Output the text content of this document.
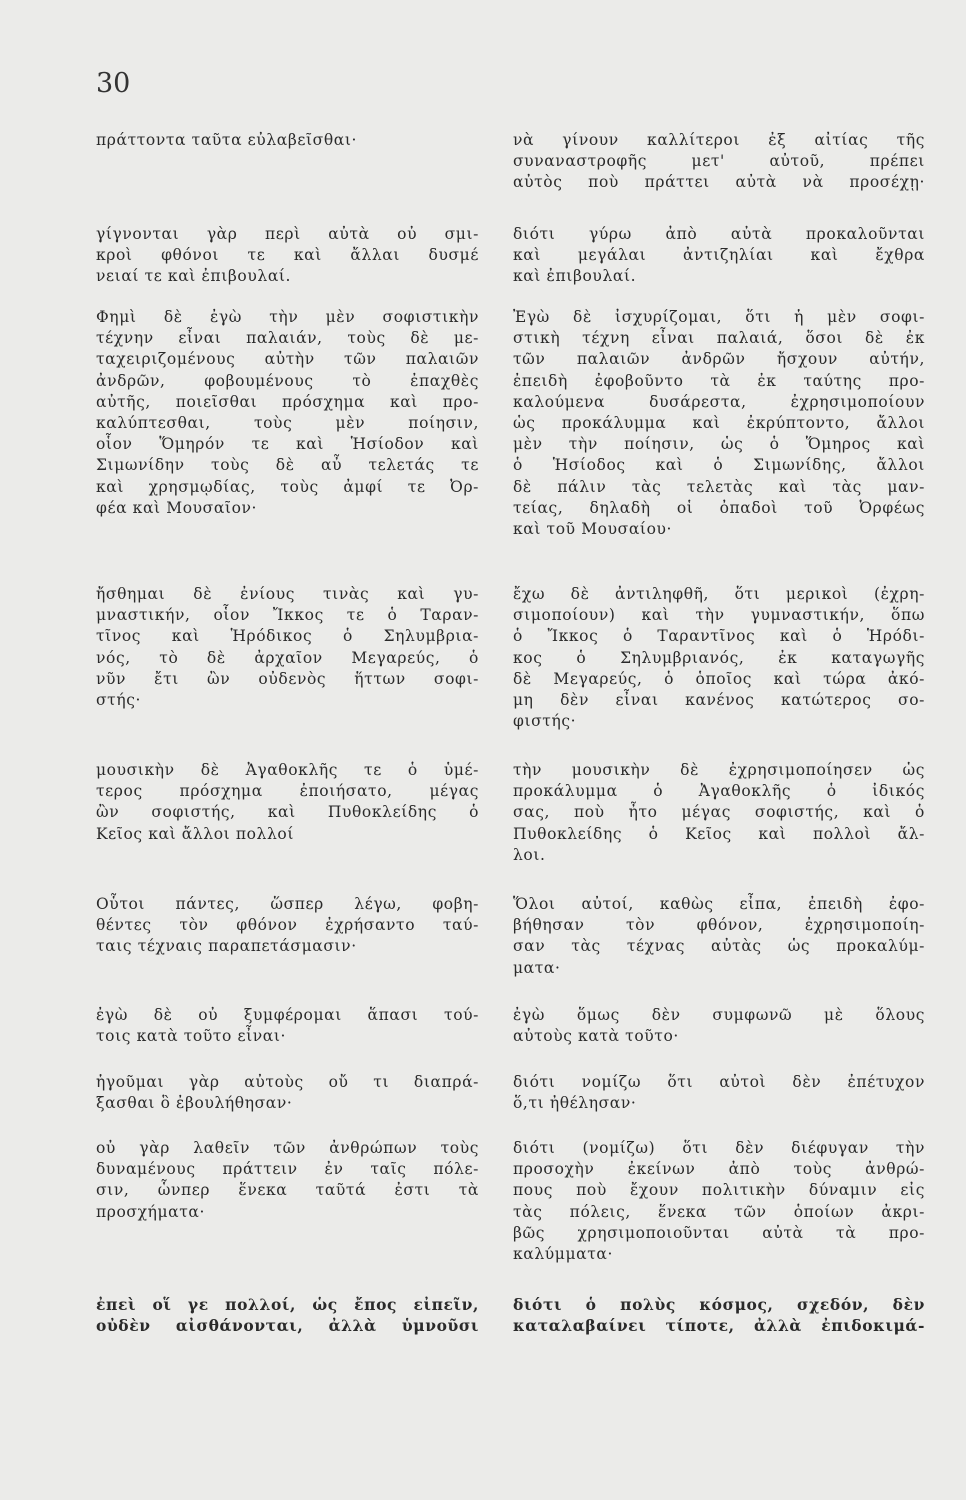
30
πράττοντα ταῦτα εὐλαβεῖσθαι·
γίγνονται γὰρ περὶ αὐτὰ οὐ σμι-
κροὶ φθόνοι τε καὶ ἄλλαι δυσμέ
νειαί τε καὶ ἐπιβουλαί.
Φημὶ δὲ ἐγὼ τὴν μὲν σοφιστικὴν
τέχνην εἶναι παλαιάν, τοὺς δὲ με-
ταχειριζομένους αὐτὴν τῶν παλαιῶν
ἀνδρῶν, φοβουμένους τὸ ἐπαχθὲς
αὐτῆς, ποιεῖσθαι πρόσχημα καὶ προ-
καλύπτεσθαι, τοὺς μὲν ποίησιν,
οἷον Ὅμηρόν τε καὶ Ἡσίοδον καὶ
Σιμωνίδην τοὺς δὲ αὖ τελετάς τε
καὶ χρησμῳδίας, τοὺς ἀμφί τε Ὀρ-
φέα καὶ Μουσαῖον·
ἤσθημαι δὲ ἐνίους τινὰς καὶ γυ-
μναστικήν, οἷον Ἴκκος τε ὁ Ταραν-
τῖνος καὶ Ἡρόδικος ὁ Σηλυμβρια-
νός, τὸ δὲ ἀρχαῖον Μεγαρεύς, ὁ
νῦν ἔτι ὢν οὐδενὸς ἥττων σοφι-
στής·
μουσικὴν δὲ Ἀγαθοκλῆς τε ὁ ὑμέ-
τερος πρόσχημα ἐποιήσατο, μέγας
ὢν σοφιστής, καὶ Πυθοκλείδης ὁ
Κεῖος καὶ ἄλλοι πολλοί
Οὗτοι πάντες, ὥσπερ λέγω, φοβη-
θέντες τὸν φθόνον ἐχρήσαντο ταύ-
ταις τέχναις παραπετάσμασιν·
ἐγὼ δὲ οὐ ξυμφέρομαι ἅπασι τού-
τοις κατὰ τοῦτο εἶναι·
ἡγοῦμαι γὰρ αὐτοὺς οὔ τι διαπρά-
ξασθαι ὃ ἐβουλήθησαν·
οὐ γὰρ λαθεῖν τῶν ἀνθρώπων τοὺς
δυναμένους πράττειν ἐν ταῖς πόλε-
σιν, ὧνπερ ἕνεκα ταῦτά ἐστι τὰ
προσχήματα·
ἐπεὶ οἵ γε πολλοί, ὡς ἔπος εἰπεῖν,
οὐδὲν αἰσθάνονται, ἀλλὰ ὑμνοῦσι
νὰ γίνουν καλλίτεροι ἐξ αἰτίας τῆς
συναναστροφῆς μετ' αὐτοῦ, πρέπει
αὐτὸς ποὺ πράττει αὐτὰ νὰ προσέχῃ·
διότι γύρω ἀπὸ αὐτὰ προκαλοῦνται
καὶ μεγάλαι ἀντιζηλίαι καὶ ἔχθρα
καὶ ἐπιβουλαί.
Ἐγὼ δὲ ἰσχυρίζομαι, ὅτι ἡ μὲν σοφι-
στικὴ τέχνη εἶναι παλαιά, ὅσοι δὲ ἐκ
τῶν παλαιῶν ἀνδρῶν ἤσχουν αὐτήν,
ἐπειδὴ ἐφοβοῦντο τὰ ἐκ ταύτης προ-
καλούμενα δυσάρεστα, ἐχρησιμοποίουν
ὡς προκάλυμμα καὶ ἐκρύπτοντο, ἄλλοι
μὲν τὴν ποίησιν, ὡς ὁ Ὅμηρος καὶ
ὁ Ἡσίοδος καὶ ὁ Σιμωνίδης, ἄλλοι
δὲ πάλιν τὰς τελετὰς καὶ τὰς μαν-
τείας, δηλαδὴ οἱ ὀπαδοὶ τοῦ Ὀρφέως
καὶ τοῦ Μουσαίου·
ἔχω δὲ ἀντιληφθῆ, ὅτι μερικοὶ (ἐχρη-
σιμοποίουν) καὶ τὴν γυμναστικήν, ὅπω
ὁ Ἴκκος ὁ Ταραντῖνος καὶ ὁ Ἡρόδι-
κος ὁ Σηλυμβριανός, ἐκ καταγωγῆς
δὲ Μεγαρεύς, ὁ ὁποῖος καὶ τώρα ἀκό-
μη δὲν εἶναι κανένος κατώτερος σο-
φιστής·
τὴν μουσικὴν δὲ ἐχρησιμοποίησεν ὡς
προκάλυμμα ὁ Ἀγαθοκλῆς ὁ ἰδικός
σας, ποὺ ἦτο μέγας σοφιστής, καὶ ὁ
Πυθοκλείδης ὁ Κεῖος καὶ πολλοὶ ἄλ-
λοι.
Ὅλοι αὐτοί, καθὼς εἶπα, ἐπειδὴ ἐφο-
βήθησαν τὸν φθόνον, ἐχρησιμοποίη-
σαν τὰς τέχνας αὐτὰς ὡς προκαλύμ-
ματα·
ἐγὼ ὅμως δὲν συμφωνῶ μὲ ὅλους
αὐτοὺς κατὰ τοῦτο·
διότι νομίζω ὅτι αὐτοὶ δὲν ἐπέτυχον
ὅ,τι ἠθέλησαν·
διότι (νομίζω) ὅτι δὲν διέφυγαν τὴν
προσοχὴν ἐκείνων ἀπὸ τοὺς ἀνθρώ-
πους ποὺ ἔχουν πολιτικὴν δύναμιν εἰς
τὰς πόλεις, ἕνεκα τῶν ὁποίων ἀκρι-
βῶς χρησιμοποιοῦνται αὐτὰ τὰ προ-
καλύμματα·
διότι ὁ πολὺς κόσμος, σχεδόν, δὲν
καταλαβαίνει τίποτε, ἀλλὰ ἐπιδοκιμά-
